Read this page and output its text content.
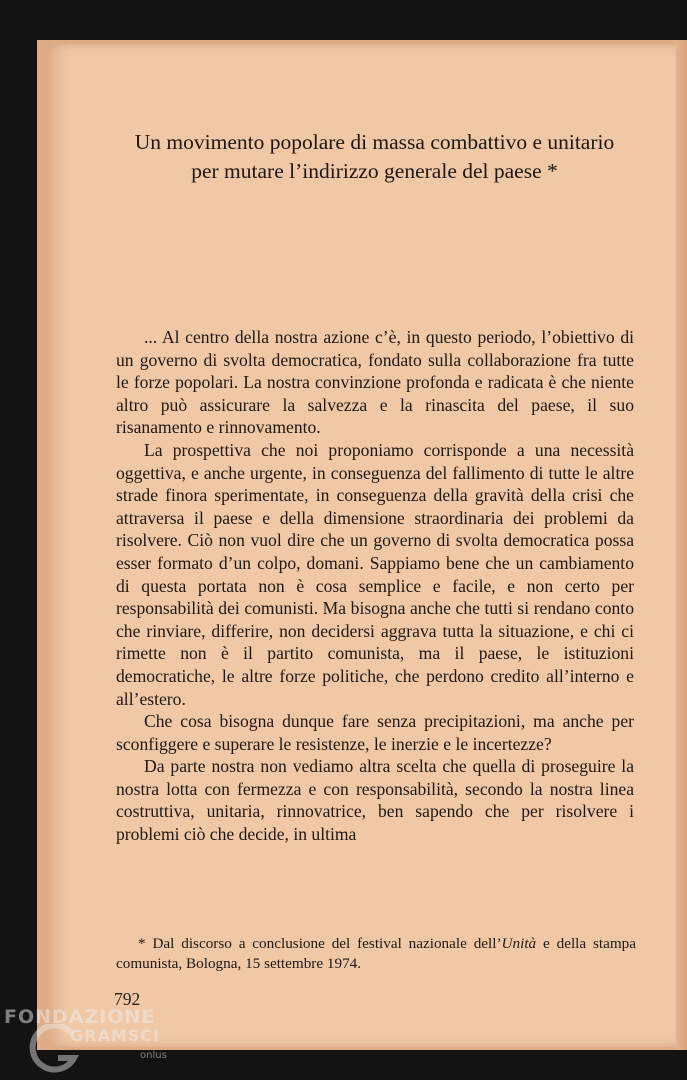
Un movimento popolare di massa combattivo e unitario
per mutare l’indirizzo generale del paese *

... Al centro della nostra azione c’è, in questo periodo, l’obiettivo di un governo di svolta democratica, fondato sulla collaborazione fra tutte le forze popolari. La nostra convinzione profonda e radicata è che niente altro può assicurare la salvezza e la rinascita del paese, il suo risanamento e rinnovamento.

La prospettiva che noi proponiamo corrisponde a una necessità oggettiva, e anche urgente, in conseguenza del fallimento di tutte le altre strade finora sperimentate, in conseguenza della gravità della crisi che attraversa il paese e della dimensione straordinaria dei problemi da risolvere. Ciò non vuol dire che un governo di svolta democratica possa esser formato d’un colpo, domani. Sappiamo bene che un cambiamento di questa portata non è cosa semplice e facile, e non certo per responsabilità dei comunisti. Ma bisogna anche che tutti si rendano conto che rinviare, differire, non decidersi aggrava tutta la situazione, e chi ci rimette non è il partito comunista, ma il paese, le istituzioni democratiche, le altre forze politiche, che perdono credito all’interno e all’estero.

Che cosa bisogna dunque fare senza precipitazioni, ma anche per sconfiggere e superare le resistenze, le inerzie e le incertezze?

Da parte nostra non vediamo altra scelta che quella di proseguire la nostra lotta con fermezza e con responsabilità, secondo la nostra linea costruttiva, unitaria, rinnovatrice, ben sapendo che per risolvere i problemi ciò che decide, in ultima

* Dal discorso a conclusione del festival nazionale dell’Unità e della stampa comunista, Bologna, 15 settembre 1974.
792
FONDAZIONE
GRAMSCI
onlus
